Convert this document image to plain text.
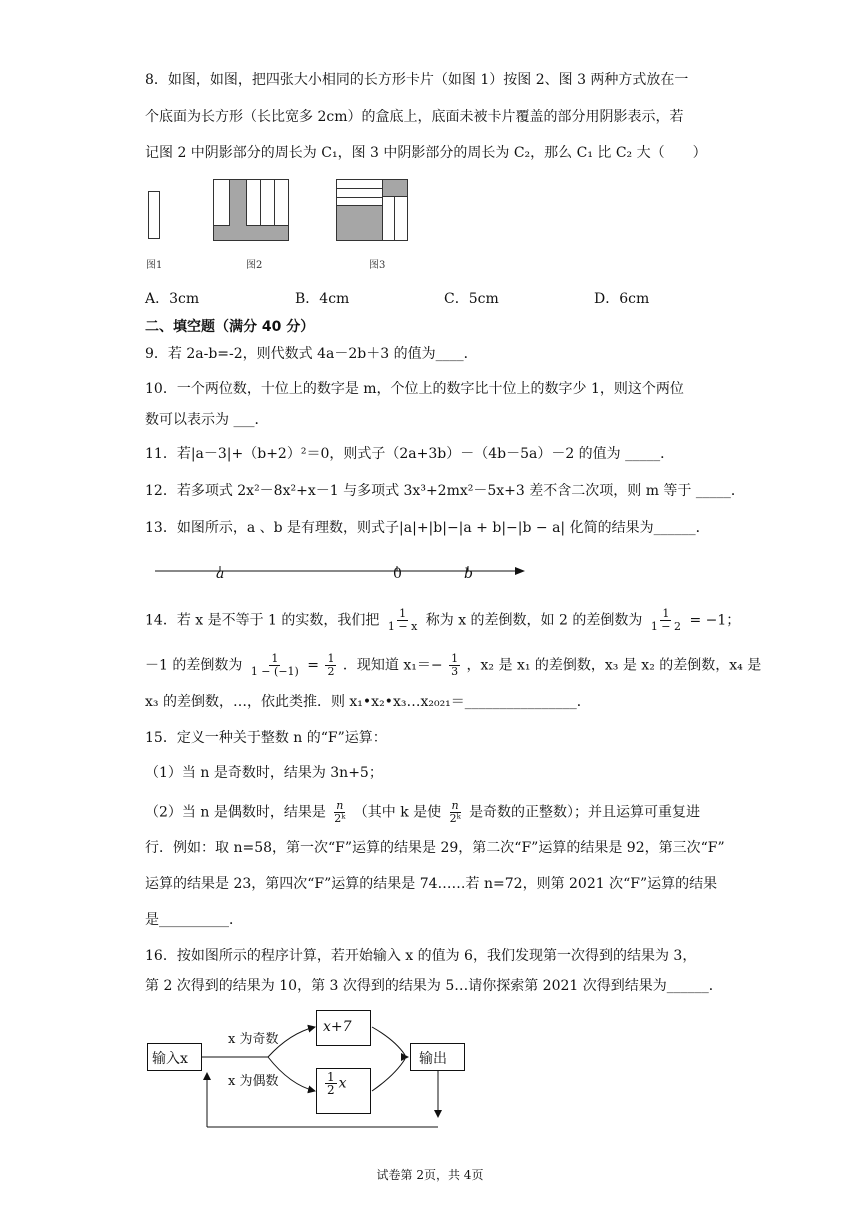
8．如图，如图，把四张大小相同的长方形卡片（如图 1）按图 2、图 3 两种方式放在一
个底面为长方形（长比宽多 2cm）的盒底上，底面未被卡片覆盖的部分用阴影表示，若
记图 2 中阴影部分的周长为 C₁，图 3 中阴影部分的周长为 C₂，那么 C₁ 比 C₂ 大（　　）
图1	图2	图3
A．3cm	B．4cm	C．5cm	D．6cm
二、填空题（满分 40 分）
9．若 2a-b=-2，则代数式 4a－2b＋3 的值为____．
10．一个两位数，十位上的数字是 m，个位上的数字比十位上的数字少 1，则这个两位
数可以表示为 ___．
11．若|a－3|+（b+2）²＝0，则式子（2a+3b）－（4b－5a）－2 的值为 _____．
12．若多项式 2x²－8x²+x－1 与多项式 3x³+2mx²－5x+3 差不含二次项，则 m 等于 _____．
13．如图所示，a 、b 是有理数，则式子|a|+|b|−|a + b|−|b − a| 化简的结果为______．
a	0	b
14．若 x 是不等于 1 的实数，我们把 $\frac{1}{1 - x}$ 称为 x 的差倒数，如 2 的差倒数为 $\frac{1}{1 - 2} = -1$；
－1 的差倒数为 $\frac{1}{1 - (-1)} = \frac{1}{2}$ ．现知道 $x_1=- \frac{1}{3}$ ，x₂ 是 x₁ 的差倒数，x₃ 是 x₂ 的差倒数，x₄ 是
x₃ 的差倒数，…，依此类推．则 x₁•x₂•x₃…x₂₀₂₁＝________________．
15．定义一种关于整数 n 的“F”运算：
（1）当 n 是奇数时，结果为 3n+5；
（2）当 n 是偶数时，结果是 $\frac{n}{\text{2ᵏ}}$ （其中 k 是使 $\frac{n}{\text{2ᵏ}}$ 是奇数的正整数）；并且运算可重复进
行．例如：取 n=58，第一次“F”运算的结果是 29，第二次“F”运算的结果是 92，第三次“F”
运算的结果是 23，第四次“F”运算的结果是 74……若 n=72，则第 2021 次“F”运算的结果
是__________．
16．按如图所示的程序计算，若开始输入 x 的值为 6，我们发现第一次得到的结果为 3，
第 2 次得到的结果为 10，第 3 次得到的结果为 5…请你探索第 2021 次得到结果为______．
输入x
x 为奇数
x 为偶数
x+7
$\frac{1}{2}$ x
输出
试卷第 2页，共 4页
